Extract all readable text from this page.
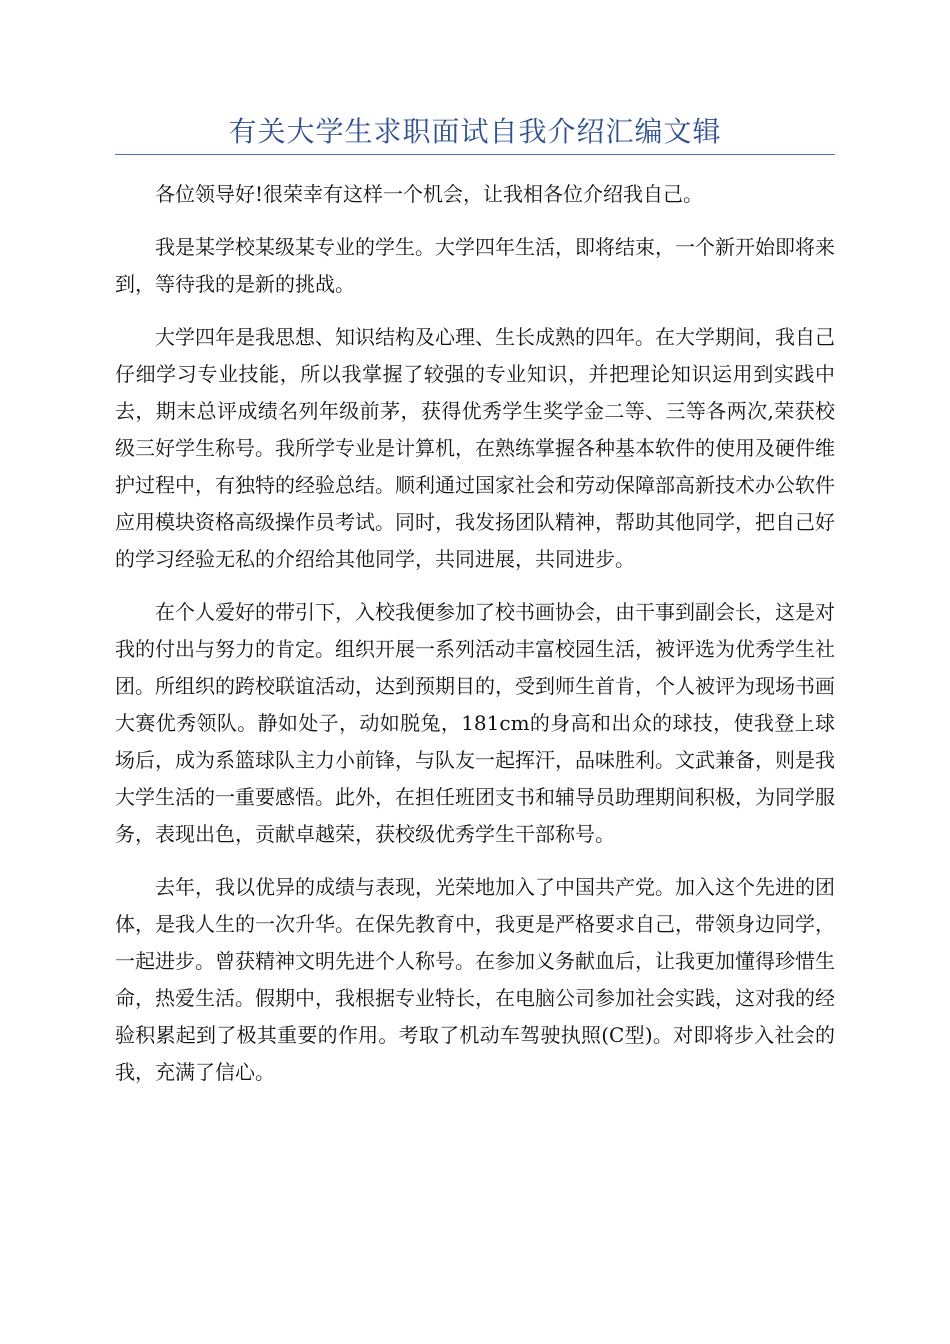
有关大学生求职面试自我介绍汇编文辑

各位领导好!很荣幸有这样一个机会，让我相各位介绍我自己。

我是某学校某级某专业的学生。大学四年生活，即将结束，一个新开始即将来到，等待我的是新的挑战。

大学四年是我思想、知识结构及心理、生长成熟的四年。在大学期间，我自己仔细学习专业技能，所以我掌握了较强的专业知识，并把理论知识运用到实践中去，期末总评成绩名列年级前茅，获得优秀学生奖学金二等、三等各两次,荣获校级三好学生称号。我所学专业是计算机，在熟练掌握各种基本软件的使用及硬件维护过程中，有独特的经验总结。顺利通过国家社会和劳动保障部高新技术办公软件应用模块资格高级操作员考试。同时，我发扬团队精神，帮助其他同学，把自己好的学习经验无私的介绍给其他同学，共同进展，共同进步。

在个人爱好的带引下，入校我便参加了校书画协会，由干事到副会长，这是对我的付出与努力的肯定。组织开展一系列活动丰富校园生活，被评选为优秀学生社团。所组织的跨校联谊活动，达到预期目的，受到师生首肯，个人被评为现场书画大赛优秀领队。静如处子，动如脱兔，181cm的身高和出众的球技，使我登上球场后，成为系篮球队主力小前锋，与队友一起挥汗，品味胜利。文武兼备，则是我大学生活的一重要感悟。此外，在担任班团支书和辅导员助理期间积极，为同学服务，表现出色，贡献卓越荣，获校级优秀学生干部称号。

去年，我以优异的成绩与表现，光荣地加入了中国共产党。加入这个先进的团体，是我人生的一次升华。在保先教育中，我更是严格要求自己，带领身边同学，一起进步。曾获精神文明先进个人称号。在参加义务献血后，让我更加懂得珍惜生命，热爱生活。假期中，我根据专业特长，在电脑公司参加社会实践，这对我的经验积累起到了极其重要的作用。考取了机动车驾驶执照(C型)。对即将步入社会的我，充满了信心。
